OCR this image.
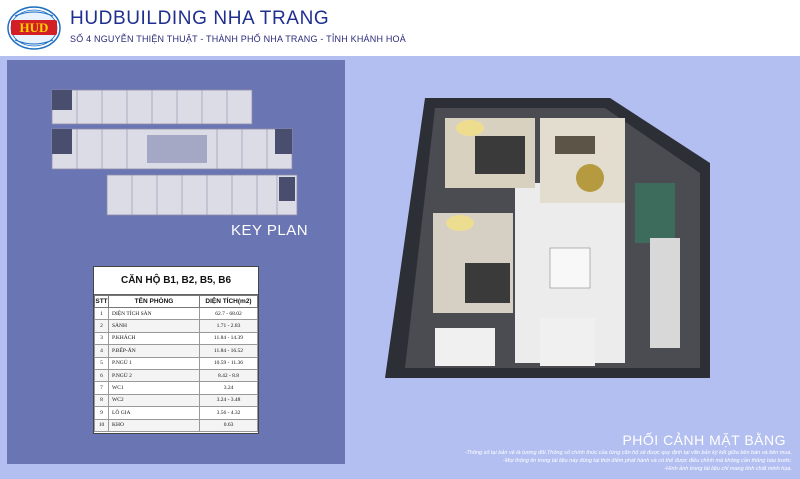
HUD HUDBUILDING NHA TRANG
SỐ 4 NGUYỄN THIỆN THUẬT - THÀNH PHỐ NHA TRANG - TỈNH KHÁNH HOÀ
KEY PLAN
CĂN HỘ B1, B2, B5, B6
STT	TÊN PHÒNG	DIỆN TÍCH(m2)
1	DIỆN TÍCH SÀN	62.7 - 68.02
2	SẢNH	1.71 - 2.83
3	P.KHÁCH	11.84 - 14.39
4	P.BẾP-ĂN	11.84 - 16.52
5	P.NGỦ 1	10.59 - 11.36
6	P.NGỦ 2	8.42 - 8.8
7	WC1	3.24
8	WC2	3.24 - 3.48
9	LÔ GIA	3.56 - 4.32
10	KHO	0.63
PHỐI CẢNH MẶT BẰNG
-Thông số tại bản vẽ là tương đối.Thông số chính thức của từng căn hộ sẽ được quy định tại văn bản ký kết giữa bên bán và bên mua.
-Mọi thông tin trong tài liệu này đúng tại thời điểm phát hành và có thể được điều chỉnh mà không cần thông báo trước.
-Hình ảnh trong tài liệu chỉ mang tính chất minh họa.
